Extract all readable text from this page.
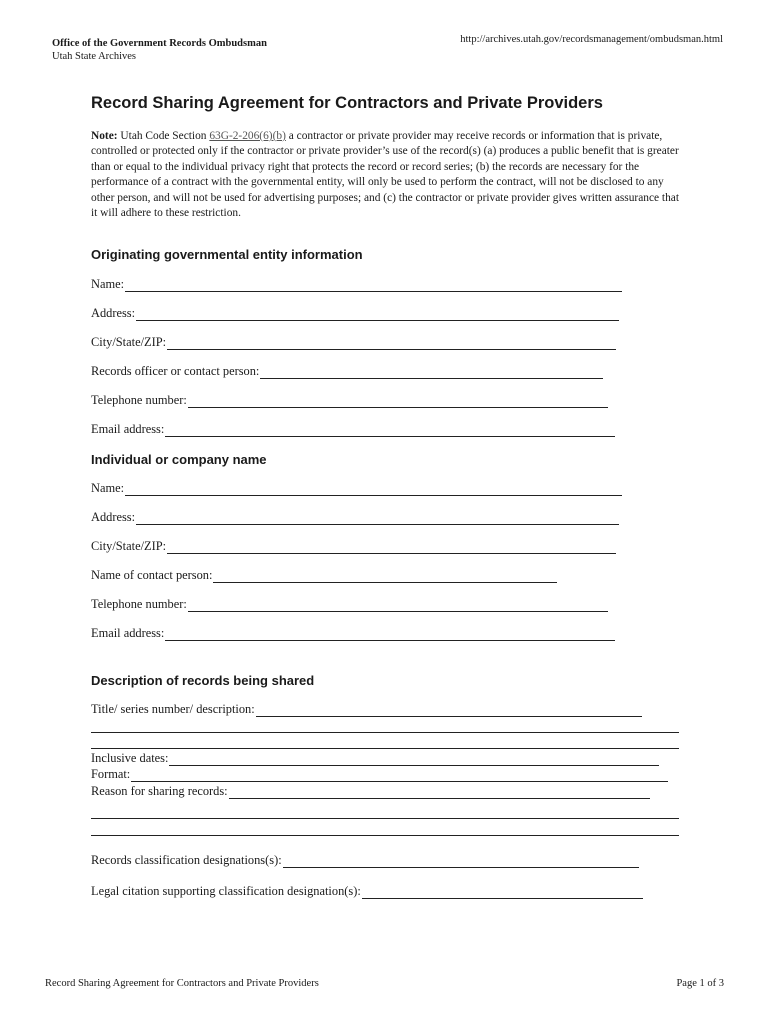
Office of the Government Records Ombudsman
Utah State Archives
http://archives.utah.gov/recordsmanagement/ombudsman.html
Record Sharing Agreement for Contractors and Private Providers

Note: Utah Code Section 63G-2-206(6)(b) a contractor or private provider may receive records or information that is private, controlled or protected only if the contractor or private provider’s use of the record(s) (a) produces a public benefit that is greater than or equal to the individual privacy right that protects the record or record series; (b) the records are necessary for the performance of a contract with the governmental entity, will only be used to perform the contract, will not be disclosed to any other person, and will not be used for advertising purposes; and (c) the contractor or private provider gives written assurance that it will adhere to these restriction.

Originating governmental entity information
Name:
Address:
City/State/ZIP:
Records officer or contact person:
Telephone number:
Email address:
Individual or company name
Name:
Address:
City/State/ZIP:
Name of contact person:
Telephone number:
Email address:
Description of records being shared
Title/ series number/ description:
Inclusive dates:
Format:
Reason for sharing records:
Records classification designations(s):
Legal citation supporting classification designation(s):
Record Sharing Agreement for Contractors and Private Providers	Page 1 of 3
